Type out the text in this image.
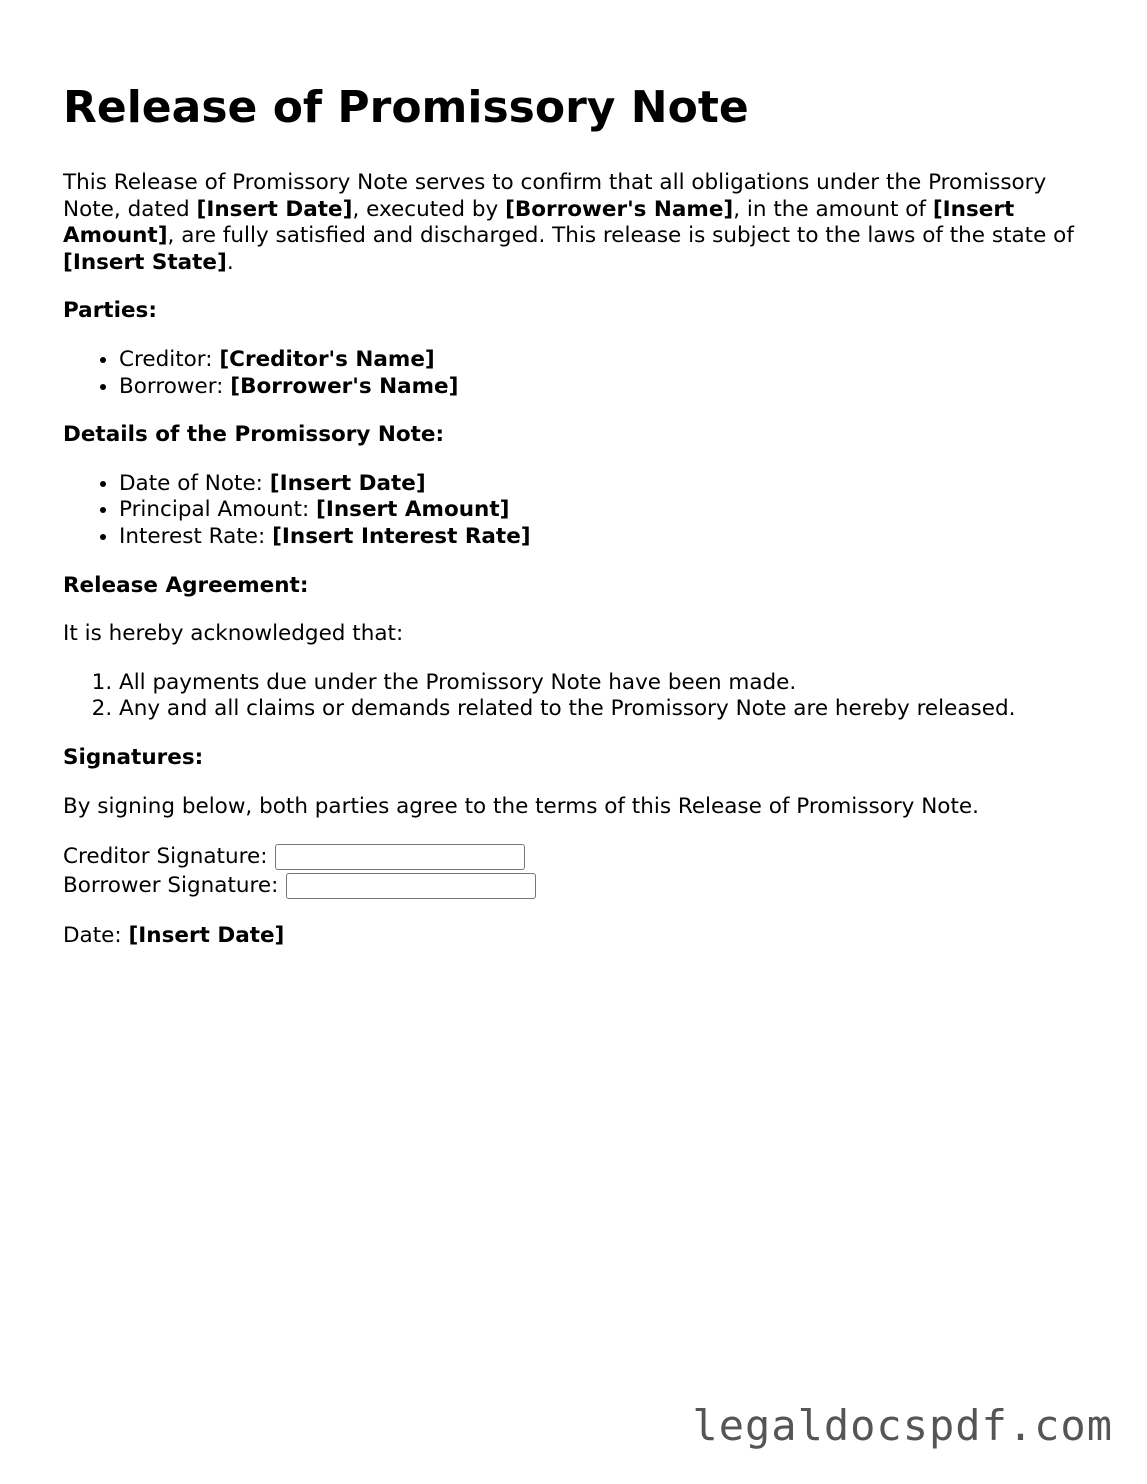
Release of Promissory Note

This Release of Promissory Note serves to confirm that all obligations under the Promissory Note, dated [Insert Date], executed by [Borrower's Name], in the amount of [Insert Amount], are fully satisfied and discharged. This release is subject to the laws of the state of [Insert State].

Parties:
• Creditor: [Creditor's Name]
• Borrower: [Borrower's Name]
Details of the Promissory Note:
• Date of Note: [Insert Date]
• Principal Amount: [Insert Amount]
• Interest Rate: [Insert Interest Rate]
Release Agreement:

It is hereby acknowledged that:

1. All payments due under the Promissory Note have been made.
2. Any and all claims or demands related to the Promissory Note are hereby released.
Signatures:

By signing below, both parties agree to the terms of this Release of Promissory Note.

Creditor Signature:
Borrower Signature:

Date: [Insert Date]

legaldocspdf.com
